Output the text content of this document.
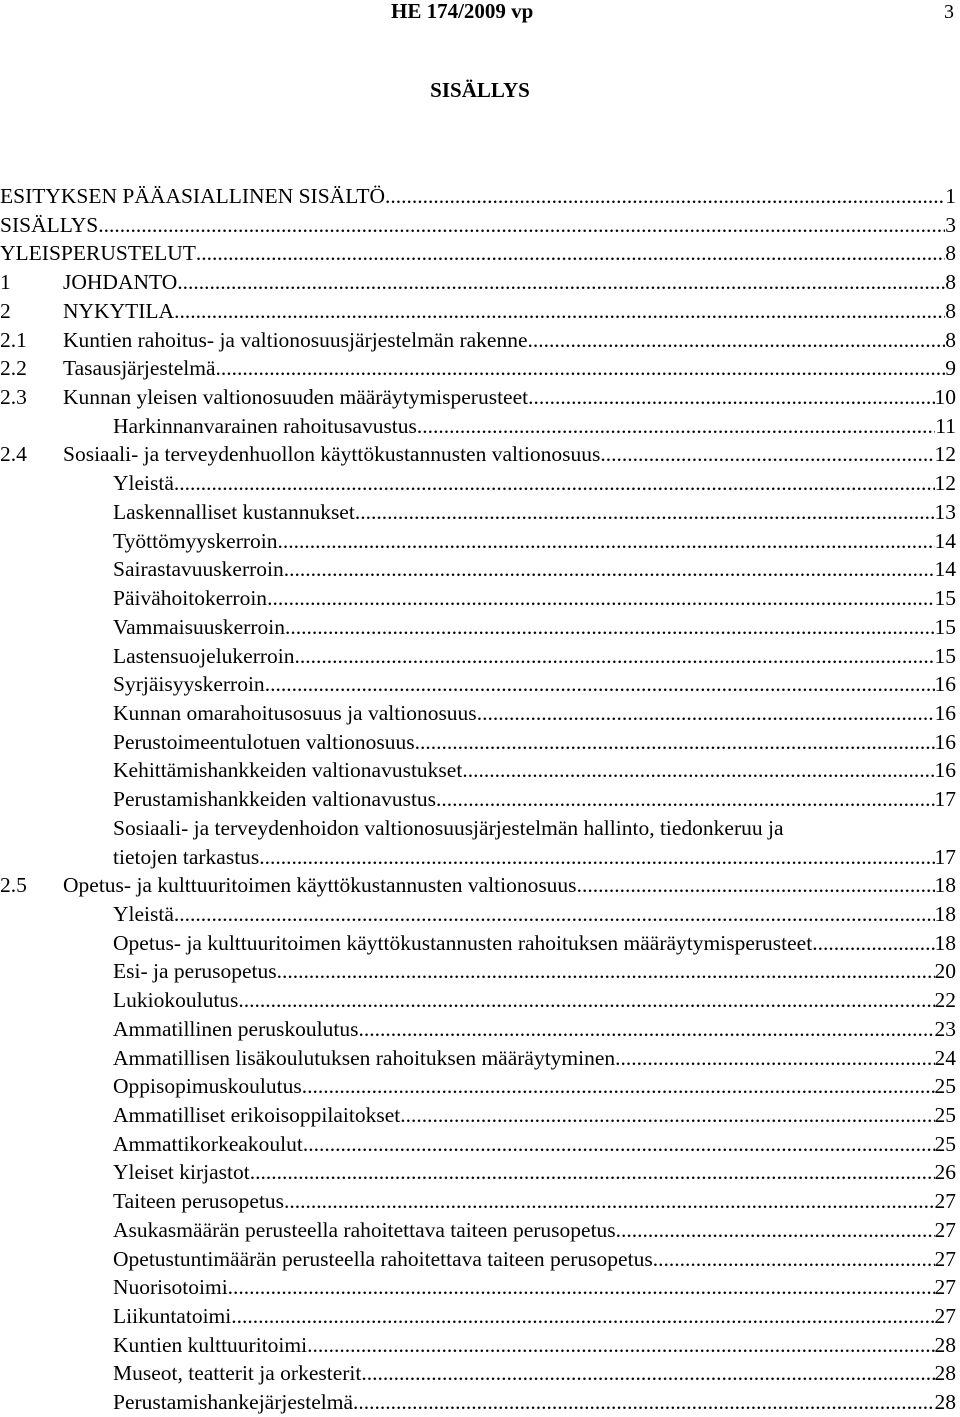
HE 174/2009 vp	3
SISÄLLYS
ESITYKSEN PÄÄASIALLINEN SISÄLTÖ .....	1
SISÄLLYS .....	3
YLEISPERUSTELUT .....	8
1 JOHDANTO .....	8
2 NYKYTILA .....	8
2.1 Kuntien rahoitus- ja valtionosuusjärjestelmän rakenne .....	8
2.2 Tasausjärjestelmä .....	9
2.3 Kunnan yleisen valtionosuuden määräytymisperusteet .....	10
Harkinnanvarainen rahoitusavustus .....	11
2.4 Sosiaali- ja terveydenhuollon käyttökustannusten valtionosuus .....	12
Yleistä .....	12
Laskennalliset kustannukset .....	13
Työttömyyskerroin .....	14
Sairastavuuskerroin .....	14
Päivähoitokerroin .....	15
Vammaisuuskerroin .....	15
Lastensuojelukerroin .....	15
Syrjäisyyskerroin .....	16
Kunnan omarahoitusosuus ja valtionosuus .....	16
Perustoimeentulotuen valtionosuus .....	16
Kehittämishankkeiden valtionavustukset .....	16
Perustamishankkeiden valtionavustus .....	17
Sosiaali- ja terveydenhoidon valtionosuusjärjestelmän hallinto, tiedonkeruu ja
tietojen tarkastus .....	17
2.5 Opetus- ja kulttuuritoimen käyttökustannusten valtionosuus .....	18
Yleistä .....	18
Opetus- ja kulttuuritoimen käyttökustannusten rahoituksen määräytymisperusteet .....	18
Esi- ja perusopetus .....	20
Lukiokoulutus .....	22
Ammatillinen peruskoulutus .....	23
Ammatillisen lisäkoulutuksen rahoituksen määräytyminen .....	24
Oppisopimuskoulutus .....	25
Ammatilliset erikoisoppilaitokset .....	25
Ammattikorkeakoulut .....	25
Yleiset kirjastot .....	26
Taiteen perusopetus .....	27
Asukasmäärän perusteella rahoitettava taiteen perusopetus .....	27
Opetustuntimäärän perusteella rahoitettava taiteen perusopetus .....	27
Nuorisotoimi .....	27
Liikuntatoimi .....	27
Kuntien kulttuuritoimi .....	28
Museot, teatterit ja orkesterit .....	28
Perustamishankejärjestelmä .....	28
